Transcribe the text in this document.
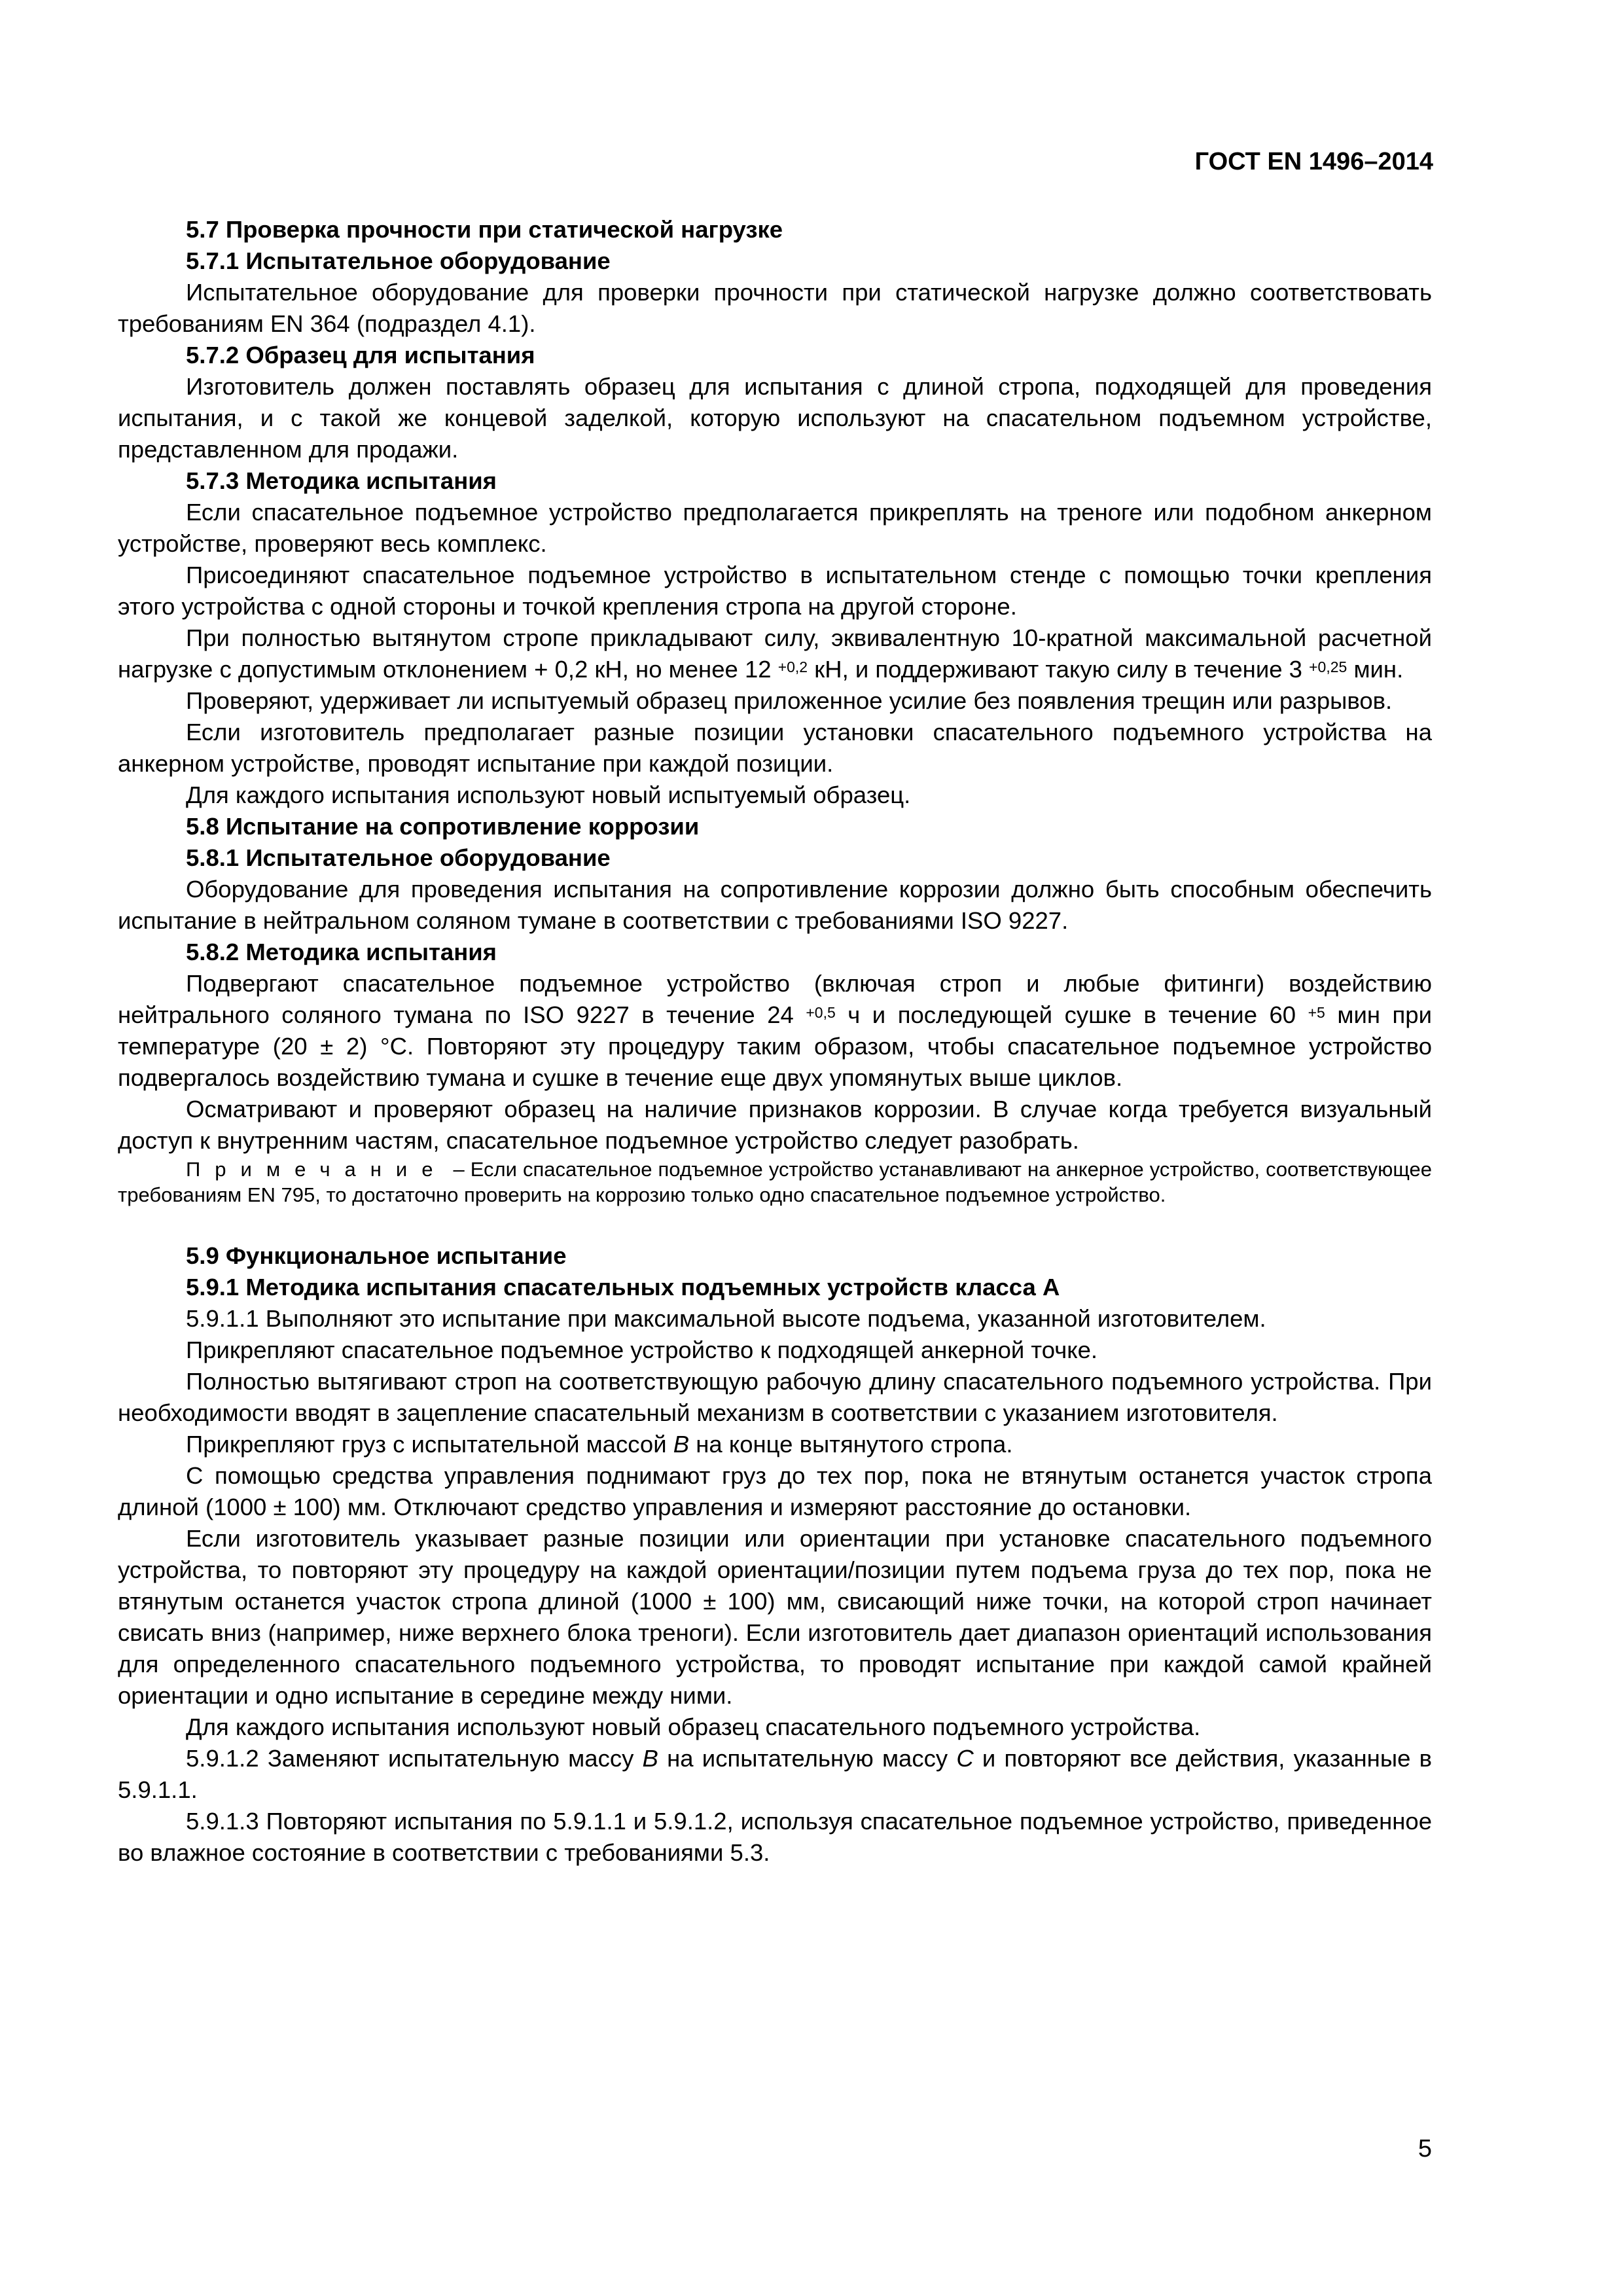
ГОСТ EN 1496–2014

5.7 Проверка прочности при статической нагрузке

5.7.1 Испытательное оборудование

Испытательное оборудование для проверки прочности при статической нагрузке должно соответствовать требованиям EN 364 (подраздел 4.1).

5.7.2 Образец для испытания

Изготовитель должен поставлять образец для испытания с длиной стропа, подходящей для проведения испытания, и с такой же концевой заделкой, которую используют на спасательном подъемном устройстве, представленном для продажи.

5.7.3 Методика испытания

Если спасательное подъемное устройство предполагается прикреплять на треноге или подобном анкерном устройстве, проверяют весь комплекс.

Присоединяют спасательное подъемное устройство в испытательном стенде с помощью точки крепления этого устройства с одной стороны и точкой крепления стропа на другой стороне.

При полностью вытянутом стропе прикладывают силу, эквивалентную 10-кратной максимальной расчетной нагрузке с допустимым отклонением + 0,2 кН, но менее 12 $^{+0,2}$ кН, и поддерживают такую силу в течение 3 $^{+0,25}$ мин.

Проверяют, удерживает ли испытуемый образец приложенное усилие без появления трещин или разрывов.

Если изготовитель предполагает разные позиции установки спасательного подъемного устройства на анкерном устройстве, проводят испытание при каждой позиции.

Для каждого испытания используют новый испытуемый образец.

5.8 Испытание на сопротивление коррозии

5.8.1 Испытательное оборудование

Оборудование для проведения испытания на сопротивление коррозии должно быть способным обеспечить испытание в нейтральном соляном тумане в соответствии с требованиями ISO 9227.

5.8.2 Методика испытания

Подвергают спасательное подъемное устройство (включая строп и любые фитинги) воздействию нейтрального соляного тумана по ISO 9227 в течение 24 $^{+0,5}$ ч и последующей сушке в течение 60 $^{+5}$ мин при температуре (20 ± 2) °C. Повторяют эту процедуру таким образом, чтобы спасательное подъемное устройство подвергалось воздействию тумана и сушке в течение еще двух упомянутых выше циклов.

Осматривают и проверяют образец на наличие признаков коррозии. В случае когда требуется визуальный доступ к внутренним частям, спасательное подъемное устройство следует разобрать.

Примечание – Если спасательное подъемное устройство устанавливают на анкерное устройство, соответствующее требованиям EN 795, то достаточно проверить на коррозию только одно спасательное подъемное устройство.

5.9 Функциональное испытание

5.9.1 Методика испытания спасательных подъемных устройств класса А

5.9.1.1 Выполняют это испытание при максимальной высоте подъема, указанной изготовителем.

Прикрепляют спасательное подъемное устройство к подходящей анкерной точке.

Полностью вытягивают строп на соответствующую рабочую длину спасательного подъемного устройства. При необходимости вводят в зацепление спасательный механизм в соответствии с указанием изготовителя.

Прикрепляют груз с испытательной массой B на конце вытянутого стропа.

С помощью средства управления поднимают груз до тех пор, пока не втянутым останется участок стропа длиной (1000 ± 100) мм. Отключают средство управления и измеряют расстояние до остановки.

Если изготовитель указывает разные позиции или ориентации при установке спасательного подъемного устройства, то повторяют эту процедуру на каждой ориентации/позиции путем подъема груза до тех пор, пока не втянутым останется участок стропа длиной (1000 ± 100) мм, свисающий ниже точки, на которой строп начинает свисать вниз (например, ниже верхнего блока треноги). Если изготовитель дает диапазон ориентаций использования для определенного спасательного подъемного устройства, то проводят испытание при каждой самой крайней ориентации и одно испытание в середине между ними.

Для каждого испытания используют новый образец спасательного подъемного устройства.

5.9.1.2 Заменяют испытательную массу B на испытательную массу C и повторяют все действия, указанные в 5.9.1.1.

5.9.1.3 Повторяют испытания по 5.9.1.1 и 5.9.1.2, используя спасательное подъемное устройство, приведенное во влажное состояние в соответствии с требованиями 5.3.

5
